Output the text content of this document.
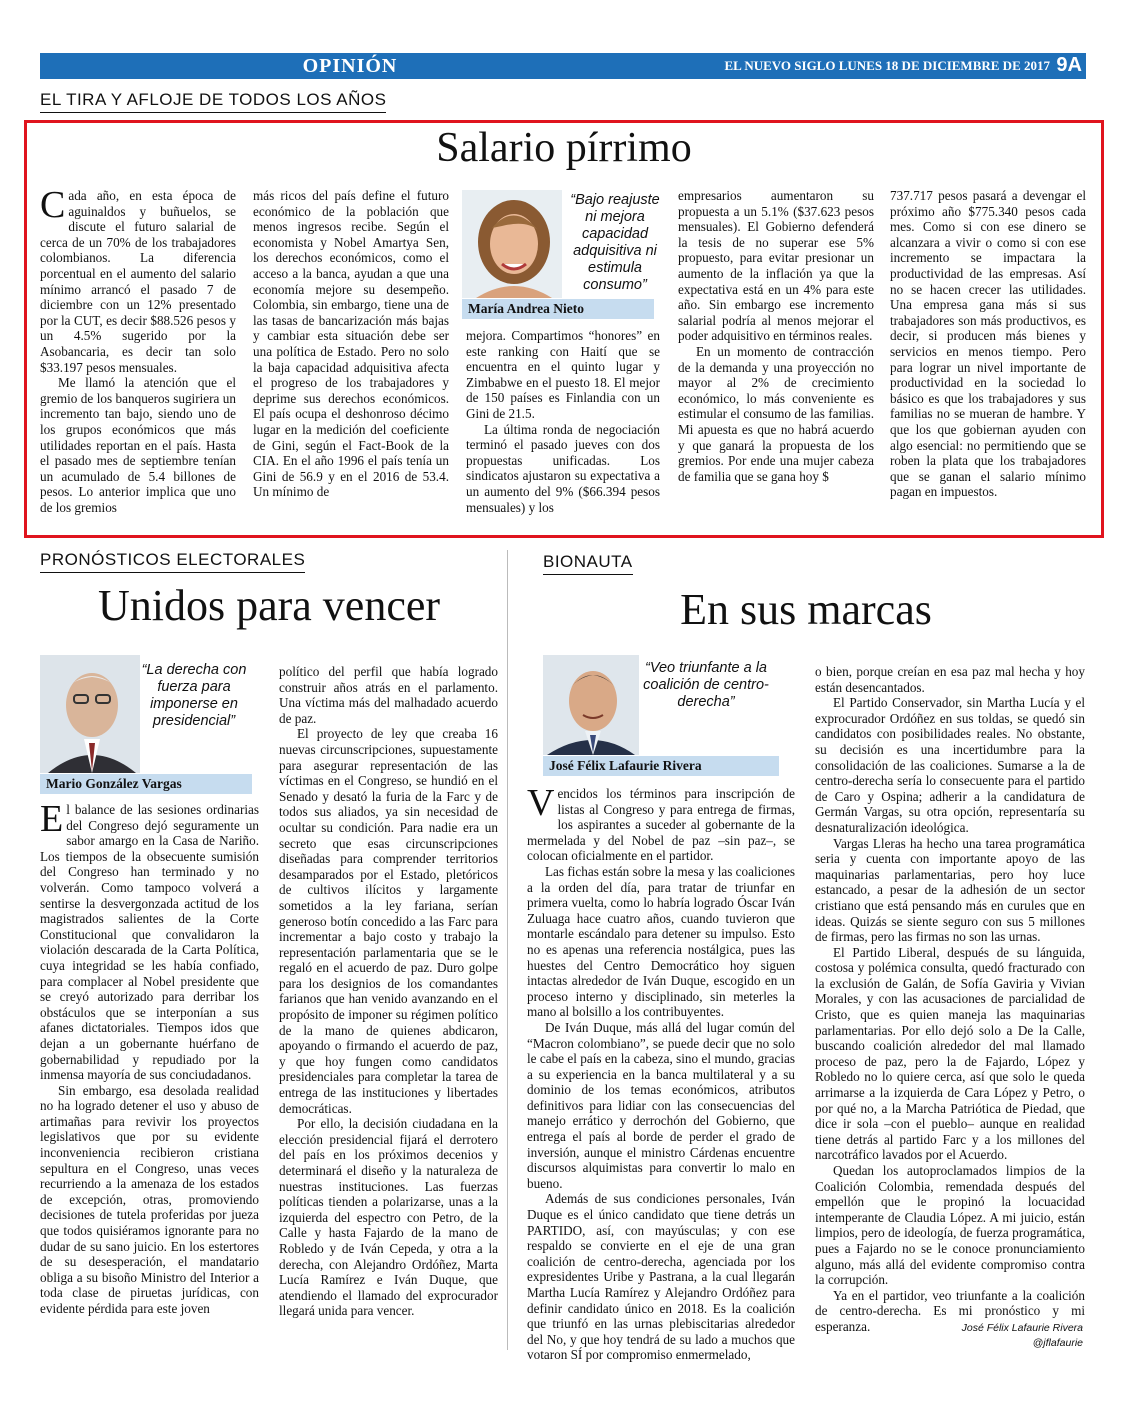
OPINIÓN	EL NUEVO SIGLO LUNES 18 DE DICIEMBRE DE 2017 9A
EL TIRA Y AFLOJE DE TODOS LOS AÑOS
Salario pírrimo

Cada año, en esta época de aguinaldos y buñuelos, se discute el futuro salarial de cerca de un 70% de los trabajadores colombianos. La diferencia porcentual en el aumento del salario mínimo arrancó el pasado 7 de diciembre con un 12% presentado por la CUT, es decir $88.526 pesos y un 4.5% sugerido por la Asobancaria, es decir tan solo $33.197 pesos mensuales.

Me llamó la atención que el gremio de los banqueros sugiriera un incremento tan bajo, siendo uno de los grupos económicos que más utilidades reportan en el país. Hasta el pasado mes de septiembre tenían un acumulado de 5.4 billones de pesos. Lo anterior implica que uno de los gremios

más ricos del país define el futuro económico de la población que menos ingresos recibe. Según el economista y Nobel Amartya Sen, los derechos económicos, como el acceso a la banca, ayudan a que una economía mejore su desempeño. Colombia, sin embargo, tiene una de las tasas de bancarización más bajas y cambiar esta situación debe ser una política de Estado. Pero no solo la baja capacidad adquisitiva afecta el progreso de los trabajadores y deprime sus derechos económicos. El país ocupa el deshonroso décimo lugar en la medición del coeficiente de Gini, según el Fact-Book de la CIA. En el año 1996 el país tenía un Gini de 56.9 y en el 2016 de 53.4. Un mínimo de

“Bajo reajuste ni mejora capacidad adquisitiva ni estimula consumo”
María Andrea Nieto

mejora. Compartimos “honores” en este ranking con Haití que se encuentra en el quinto lugar y Zimbabwe en el puesto 18. El mejor de 150 países es Finlandia con un Gini de 21.5.

La última ronda de negociación terminó el pasado jueves con dos propuestas unificadas. Los sindicatos ajustaron su expectativa a un aumento del 9% ($66.394 pesos mensuales) y los

empresarios aumentaron su propuesta a un 5.1% ($37.623 pesos mensuales). El Gobierno defenderá la tesis de no superar ese 5% propuesto, para evitar presionar un aumento de la inflación ya que la expectativa está en un 4% para este año. Sin embargo ese incremento salarial podría al menos mejorar el poder adquisitivo en términos reales.

En un momento de contracción de la demanda y una proyección no mayor al 2% de crecimiento económico, lo más conveniente es estimular el consumo de las familias. Mi apuesta es que no habrá acuerdo y que ganará la propuesta de los gremios. Por ende una mujer cabeza de familia que se gana hoy $

737.717 pesos pasará a devengar el próximo año $775.340 pesos cada mes. Como si con ese dinero se alcanzara a vivir o como si con ese incremento se impactara la productividad de las empresas. Así no se hacen crecer las utilidades. Una empresa gana más si sus trabajadores son más productivos, es decir, si producen más bienes y servicios en menos tiempo. Pero para lograr un nivel importante de productividad en la sociedad lo básico es que los trabajadores y sus familias no se mueran de hambre. Y que los que gobiernan ayuden con algo esencial: no permitiendo que se roben la plata que los trabajadores que se ganan el salario mínimo pagan en impuestos.

PRONÓSTICOS ELECTORALES
Unidos para vencer
“La derecha con fuerza para imponerse en presidencial”
Mario González Vargas

El balance de las sesiones ordinarias del Congreso dejó seguramente un sabor amargo en la Casa de Nariño. Los tiempos de la obsecuente sumisión del Congreso han terminado y no volverán. Como tampoco volverá a sentirse la desvergonzada actitud de los magistrados salientes de la Corte Constitucional que convalidaron la violación descarada de la Carta Política, cuya integridad se les había confiado, para complacer al Nobel presidente que se creyó autorizado para derribar los obstáculos que se interponían a sus afanes dictatoriales. Tiempos idos que dejan a un gobernante huérfano de gobernabilidad y repudiado por la inmensa mayoría de sus conciudadanos.

Sin embargo, esa desolada realidad no ha logrado detener el uso y abuso de artimañas para revivir los proyectos legislativos que por su evidente inconveniencia recibieron cristiana sepultura en el Congreso, unas veces recurriendo a la amenaza de los estados de excepción, otras, promoviendo decisiones de tutela proferidas por jueza que todos quisiéramos ignorante para no dudar de su sano juicio. En los estertores de su desesperación, el mandatario obliga a su bisoño Ministro del Interior a toda clase de piruetas jurídicas, con evidente pérdida para este joven

político del perfil que había logrado construir años atrás en el parlamento. Una víctima más del malhadado acuerdo de paz.

El proyecto de ley que creaba 16 nuevas circunscripciones, supuestamente para asegurar representación de las víctimas en el Congreso, se hundió en el Senado y desató la furia de la Farc y de todos sus aliados, ya sin necesidad de ocultar su condición. Para nadie era un secreto que esas circunscripciones diseñadas para comprender territorios desamparados por el Estado, pletóricos de cultivos ilícitos y largamente sometidos a la ley fariana, serían generoso botín concedido a las Farc para incrementar a bajo costo y trabajo la representación parlamentaria que se le regaló en el acuerdo de paz. Duro golpe para los designios de los comandantes farianos que han venido avanzando en el propósito de imponer su régimen político de la mano de quienes abdicaron, apoyando o firmando el acuerdo de paz, y que hoy fungen como candidatos presidenciales para completar la tarea de entrega de las instituciones y libertades democráticas.

Por ello, la decisión ciudadana en la elección presidencial fijará el derrotero del país en los próximos decenios y determinará el diseño y la naturaleza de nuestras instituciones. Las fuerzas políticas tienden a polarizarse, unas a la izquierda del espectro con Petro, de la Calle y hasta Fajardo de la mano de Robledo y de Iván Cepeda, y otra a la derecha, con Alejandro Ordóñez, Marta Lucía Ramírez e Iván Duque, que atendiendo el llamado del exprocurador llegará unida para vencer.

BIONAUTA
En sus marcas
“Veo triunfante a la coalición de centro-derecha”
José Félix Lafaurie Rivera

Vencidos los términos para inscripción de listas al Congreso y para entrega de firmas, los aspirantes a suceder al gobernante de la mermelada y del Nobel de paz –sin paz–, se colocan oficialmente en el partidor.

Las fichas están sobre la mesa y las coaliciones a la orden del día, para tratar de triunfar en primera vuelta, como lo habría logrado Óscar Iván Zuluaga hace cuatro años, cuando tuvieron que montarle escándalo para detener su impulso. Esto no es apenas una referencia nostálgica, pues las huestes del Centro Democrático hoy siguen intactas alrededor de Iván Duque, escogido en un proceso interno y disciplinado, sin meterles la mano al bolsillo a los contribuyentes.

De Iván Duque, más allá del lugar común del “Macron colombiano”, se puede decir que no solo le cabe el país en la cabeza, sino el mundo, gracias a su experiencia en la banca multilateral y a su dominio de los temas económicos, atributos definitivos para lidiar con las consecuencias del manejo errático y derrochón del Gobierno, que entrega el país al borde de perder el grado de inversión, aunque el ministro Cárdenas encuentre discursos alquimistas para convertir lo malo en bueno.

Además de sus condiciones personales, Iván Duque es el único candidato que tiene detrás un PARTIDO, así, con mayúsculas; y con ese respaldo se convierte en el eje de una gran coalición de centro-derecha, agenciada por los expresidentes Uribe y Pastrana, a la cual llegarán Martha Lucía Ramírez y Alejandro Ordóñez para definir candidato único en 2018. Es la coalición que triunfó en las urnas plebiscitarias alrededor del No, y que hoy tendrá de su lado a muchos que votaron SÍ por compromiso enmermelado,

o bien, porque creían en esa paz mal hecha y hoy están desencantados.

El Partido Conservador, sin Martha Lucía y el exprocurador Ordóñez en sus toldas, se quedó sin candidatos con posibilidades reales. No obstante, su decisión es una incertidumbre para la consolidación de las coaliciones. Sumarse a la de centro-derecha sería lo consecuente para el partido de Caro y Ospina; adherir a la candidatura de Germán Vargas, su otra opción, representaría su desnaturalización ideológica.

Vargas Lleras ha hecho una tarea programática seria y cuenta con importante apoyo de las maquinarias parlamentarias, pero hoy luce estancado, a pesar de la adhesión de un sector cristiano que está pensando más en curules que en ideas. Quizás se siente seguro con sus 5 millones de firmas, pero las firmas no son las urnas.

El Partido Liberal, después de su lánguida, costosa y polémica consulta, quedó fracturado con la exclusión de Galán, de Sofía Gaviria y Vivian Morales, y con las acusaciones de parcialidad de Cristo, que es quien maneja las maquinarias parlamentarias. Por ello dejó solo a De la Calle, buscando coalición alrededor del mal llamado proceso de paz, pero la de Fajardo, López y Robledo no lo quiere cerca, así que solo le queda arrimarse a la izquierda de Cara López y Petro, o por qué no, a la Marcha Patriótica de Piedad, que dice ir sola –con el pueblo– aunque en realidad tiene detrás al partido Farc y a los millones del narcotráfico lavados por el Acuerdo.

Quedan los autoproclamados limpios de la Coalición Colombia, remendada después del empellón que le propinó la locuacidad intemperante de Claudia López. A mi juicio, están limpios, pero de ideología, de fuerza programática, pues a Fajardo no se le conoce pronunciamiento alguno, más allá del evidente compromiso contra la corrupción.

Ya en el partidor, veo triunfante a la coalición de centro-derecha. Es mi pronóstico y mi esperanza.	José Félix Lafaurie Rivera
@jflafaurie
